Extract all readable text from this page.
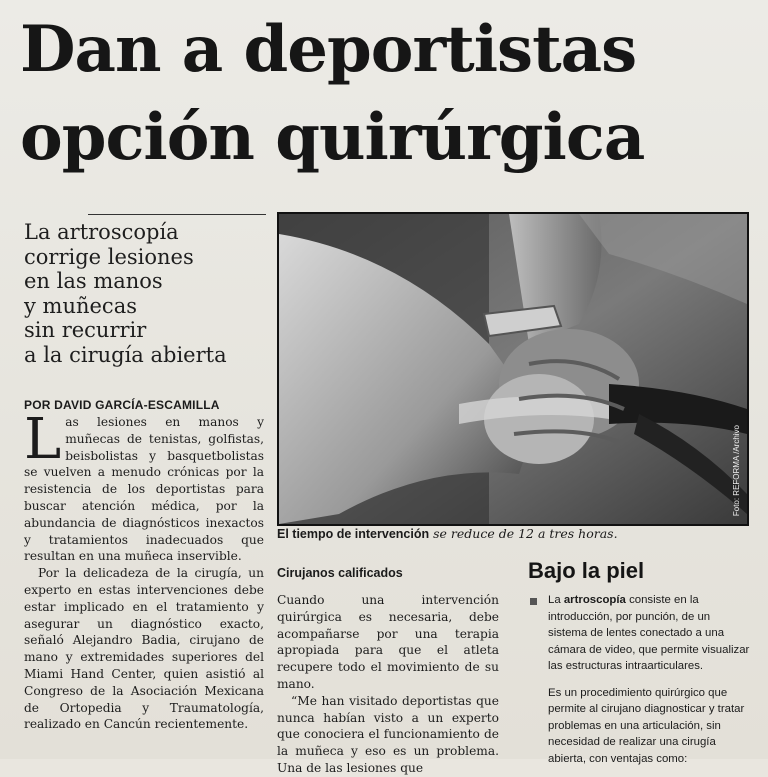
Dan a deportistas
opción quirúrgica
La artroscopía
corrige lesiones
en las manos
y muñecas
sin recurrir
a la cirugía abierta
POR DAVID GARCÍA-ESCAMILLA

Las lesiones en manos y muñecas de tenistas, golfistas, beisbolistas y basquetbolistas se vuelven a menudo crónicas por la resistencia de los deportistas para buscar atención médica, por la abundancia de diagnósticos inexactos y tratamientos inadecuados que resultan en una muñeca inservible.

Por la delicadeza de la cirugía, un experto en estas intervenciones debe estar implicado en el tratamiento y asegurar un diagnóstico exacto, señaló Alejandro Badia, cirujano de mano y extremidades superiores del Miami Hand Center, quien asistió al Congreso de la Asociación Mexicana de Ortopedia y Traumatología, realizado en Cancún recientemente.

Foto: REFORMA /Archivo
El tiempo de intervención se reduce de 12 a tres horas.
Cirujanos calificados

Cuando una intervención quirúrgica es necesaria, debe acompañarse por una terapia apropiada para que el atleta recupere todo el movimiento de su mano.

“Me han visitado deportistas que nunca habían visto a un experto que conociera el funcionamiento de la muñeca y eso es un problema. Una de las lesiones que

Bajo la piel

La artroscopía consiste en la introducción, por punción, de un sistema de lentes conectado a una cámara de video, que permite visualizar las estructuras intraarticulares.

Es un procedimiento quirúrgico que permite al cirujano diagnosticar y tratar problemas en una articulación, sin necesidad de realizar una cirugía abierta, con ventajas como:
